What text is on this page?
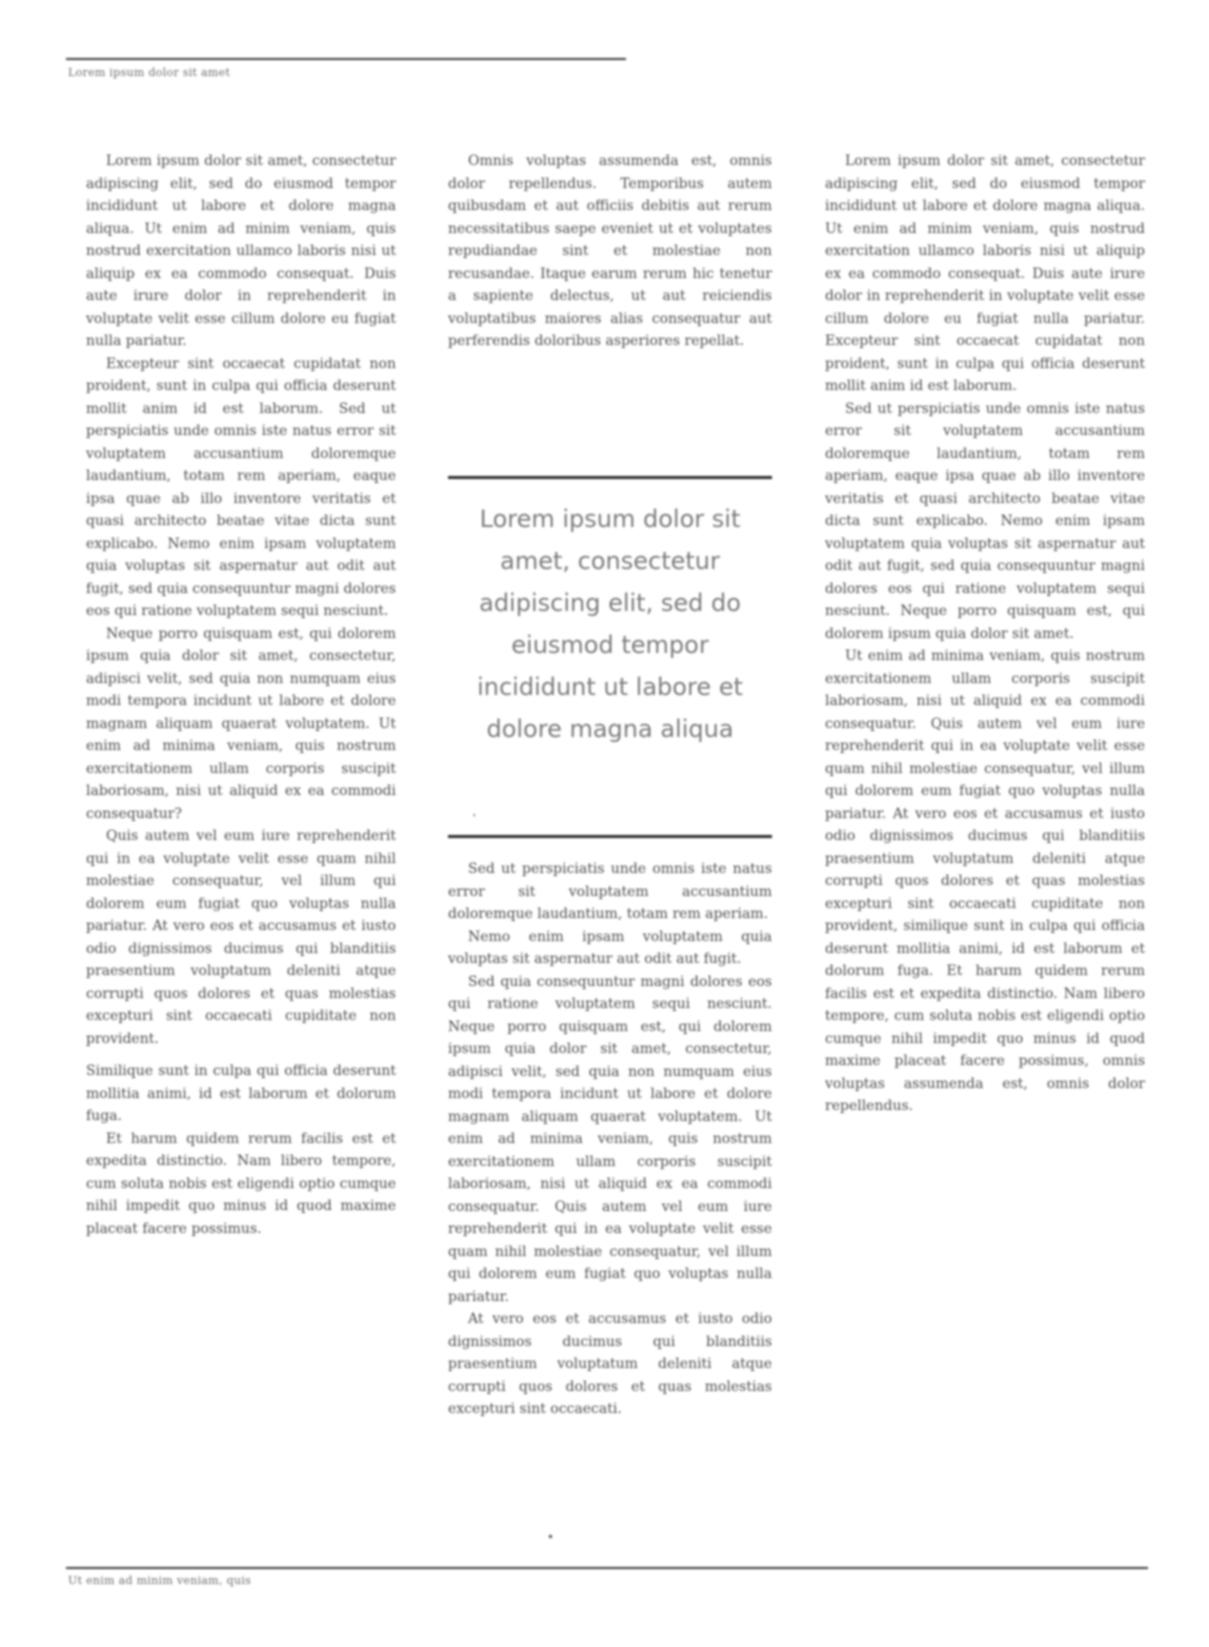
Lorem ipsum dolor sit amet

Lorem ipsum dolor sit amet, consectetur adipiscing elit, sed do eiusmod tempor incididunt ut labore et dolore magna aliqua. Ut enim ad minim veniam, quis nostrud exercitation ullamco laboris nisi ut aliquip ex ea commodo consequat. Duis aute irure dolor in reprehenderit in voluptate velit esse cillum dolore eu fugiat nulla pariatur.

Excepteur sint occaecat cupidatat non proident, sunt in culpa qui officia deserunt mollit anim id est laborum. Sed ut perspiciatis unde omnis iste natus error sit voluptatem accusantium doloremque laudantium, totam rem aperiam, eaque ipsa quae ab illo inventore veritatis et quasi architecto beatae vitae dicta sunt explicabo. Nemo enim ipsam voluptatem quia voluptas sit aspernatur aut odit aut fugit, sed quia consequuntur magni dolores eos qui ratione voluptatem sequi nesciunt.

Neque porro quisquam est, qui dolorem ipsum quia dolor sit amet, consectetur, adipisci velit, sed quia non numquam eius modi tempora incidunt ut labore et dolore magnam aliquam quaerat voluptatem. Ut enim ad minima veniam, quis nostrum exercitationem ullam corporis suscipit laboriosam, nisi ut aliquid ex ea commodi consequatur?

Quis autem vel eum iure reprehenderit qui in ea voluptate velit esse quam nihil molestiae consequatur, vel illum qui dolorem eum fugiat quo voluptas nulla pariatur. At vero eos et accusamus et iusto odio dignissimos ducimus qui blanditiis praesentium voluptatum deleniti atque corrupti quos dolores et quas molestias excepturi sint occaecati cupiditate non provident.

Similique sunt in culpa qui officia deserunt mollitia animi, id est laborum et dolorum fuga.

Et harum quidem rerum facilis est et expedita distinctio. Nam libero tempore, cum soluta nobis est eligendi optio cumque nihil impedit quo minus id quod maxime placeat facere possimus.

Omnis voluptas assumenda est, omnis dolor repellendus. Temporibus autem quibusdam et aut officiis debitis aut rerum necessitatibus saepe eveniet ut et voluptates repudiandae sint et molestiae non recusandae. Itaque earum rerum hic tenetur a sapiente delectus, ut aut reiciendis voluptatibus maiores alias consequatur aut perferendis doloribus asperiores repellat.

Lorem ipsum dolor sit amet, consectetur adipiscing elit, sed do eiusmod tempor incididunt ut labore et dolore magna aliqua
·

Sed ut perspiciatis unde omnis iste natus error sit voluptatem accusantium doloremque laudantium, totam rem aperiam.

Nemo enim ipsam voluptatem quia voluptas sit aspernatur aut odit aut fugit.

Sed quia consequuntur magni dolores eos qui ratione voluptatem sequi nesciunt. Neque porro quisquam est, qui dolorem ipsum quia dolor sit amet, consectetur, adipisci velit, sed quia non numquam eius modi tempora incidunt ut labore et dolore magnam aliquam quaerat voluptatem. Ut enim ad minima veniam, quis nostrum exercitationem ullam corporis suscipit laboriosam, nisi ut aliquid ex ea commodi consequatur. Quis autem vel eum iure reprehenderit qui in ea voluptate velit esse quam nihil molestiae consequatur, vel illum qui dolorem eum fugiat quo voluptas nulla pariatur.

At vero eos et accusamus et iusto odio dignissimos ducimus qui blanditiis praesentium voluptatum deleniti atque corrupti quos dolores et quas molestias excepturi sint occaecati.

Lorem ipsum dolor sit amet, consectetur adipiscing elit, sed do eiusmod tempor incididunt ut labore et dolore magna aliqua. Ut enim ad minim veniam, quis nostrud exercitation ullamco laboris nisi ut aliquip ex ea commodo consequat. Duis aute irure dolor in reprehenderit in voluptate velit esse cillum dolore eu fugiat nulla pariatur. Excepteur sint occaecat cupidatat non proident, sunt in culpa qui officia deserunt mollit anim id est laborum.

Sed ut perspiciatis unde omnis iste natus error sit voluptatem accusantium doloremque laudantium, totam rem aperiam, eaque ipsa quae ab illo inventore veritatis et quasi architecto beatae vitae dicta sunt explicabo. Nemo enim ipsam voluptatem quia voluptas sit aspernatur aut odit aut fugit, sed quia consequuntur magni dolores eos qui ratione voluptatem sequi nesciunt. Neque porro quisquam est, qui dolorem ipsum quia dolor sit amet.

Ut enim ad minima veniam, quis nostrum exercitationem ullam corporis suscipit laboriosam, nisi ut aliquid ex ea commodi consequatur. Quis autem vel eum iure reprehenderit qui in ea voluptate velit esse quam nihil molestiae consequatur, vel illum qui dolorem eum fugiat quo voluptas nulla pariatur. At vero eos et accusamus et iusto odio dignissimos ducimus qui blanditiis praesentium voluptatum deleniti atque corrupti quos dolores et quas molestias excepturi sint occaecati cupiditate non provident, similique sunt in culpa qui officia deserunt mollitia animi, id est laborum et dolorum fuga. Et harum quidem rerum facilis est et expedita distinctio. Nam libero tempore, cum soluta nobis est eligendi optio cumque nihil impedit quo minus id quod maxime placeat facere possimus, omnis voluptas assumenda est, omnis dolor repellendus.

Ut enim ad minim veniam, quis
